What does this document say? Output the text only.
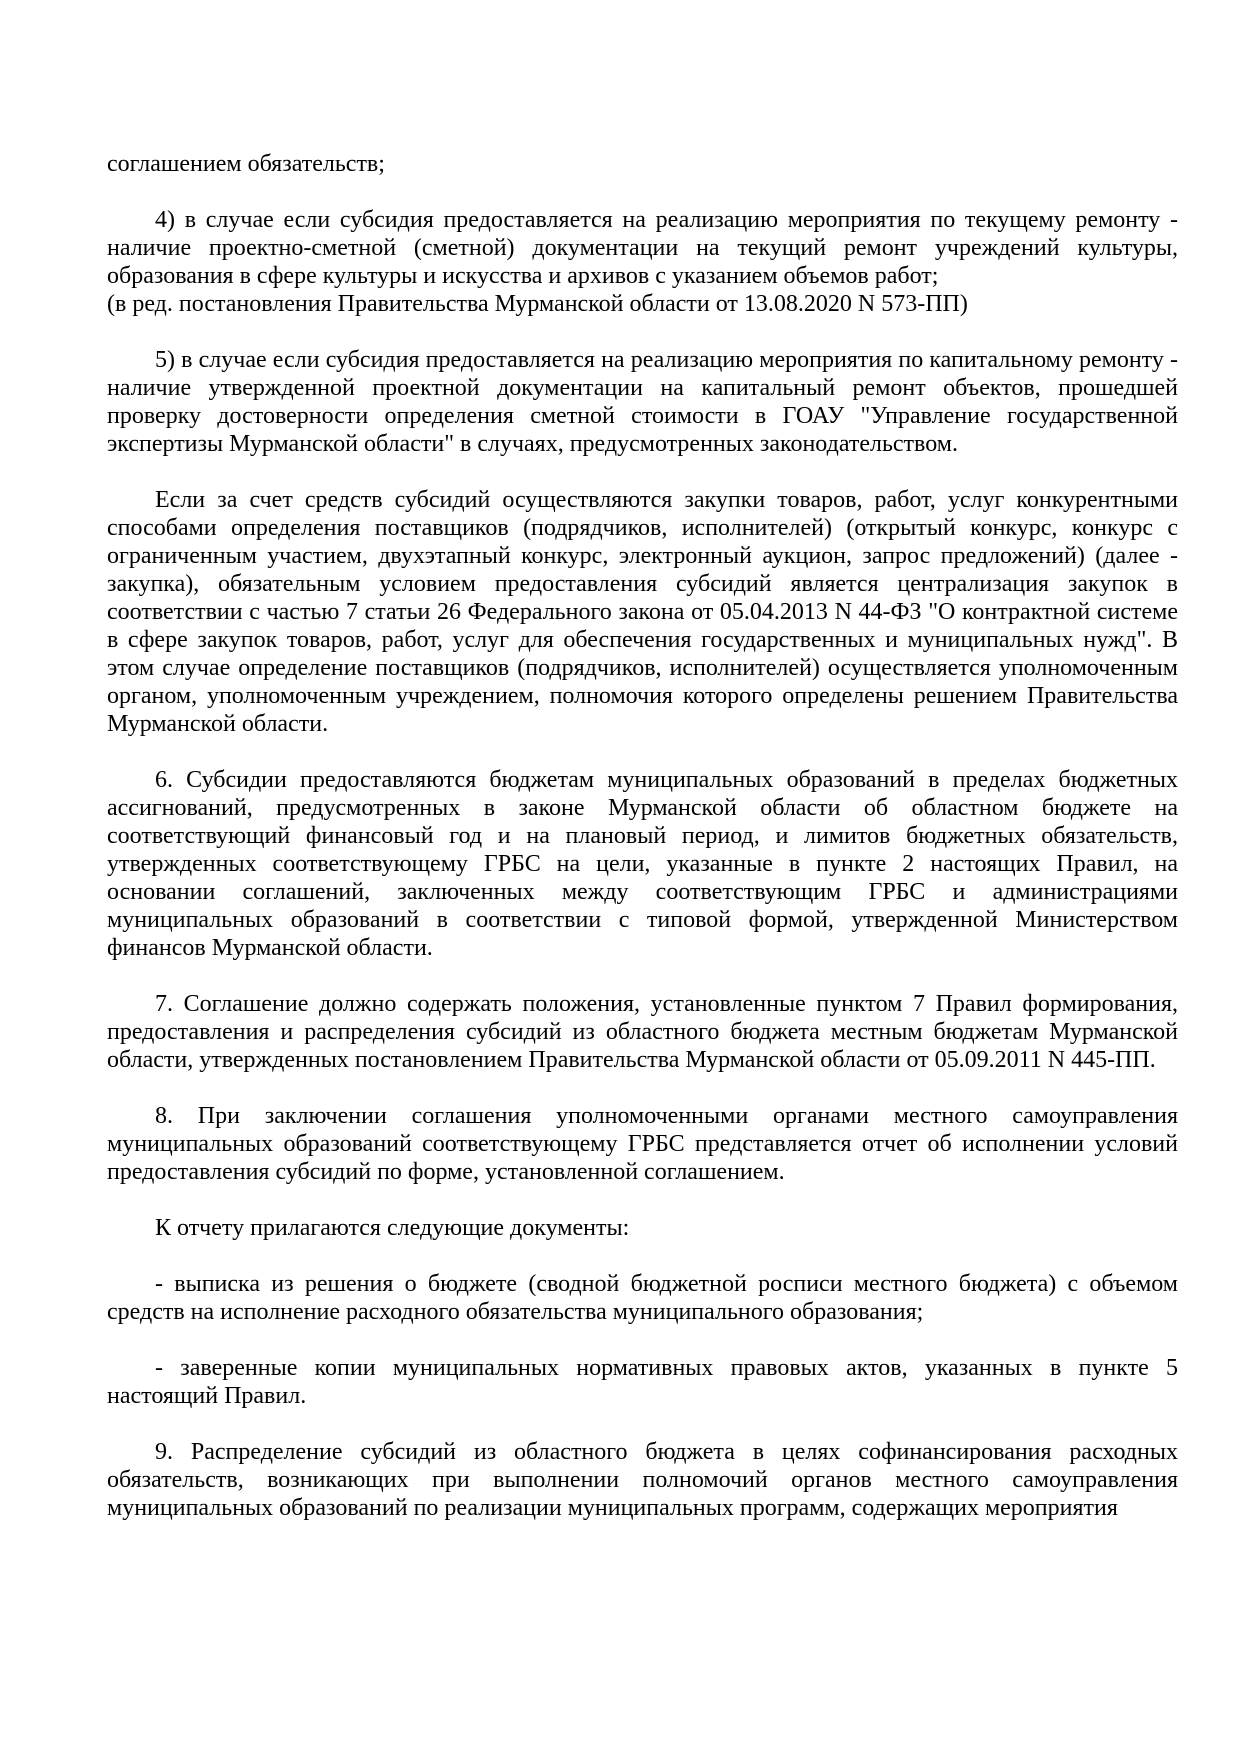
соглашением обязательств;

4) в случае если субсидия предоставляется на реализацию мероприятия по текущему ремонту - наличие проектно-сметной (сметной) документации на текущий ремонт учреждений культуры, образования в сфере культуры и искусства и архивов с указанием объемов работ;

(в ред. постановления Правительства Мурманской области от 13.08.2020 N 573-ПП)

5) в случае если субсидия предоставляется на реализацию мероприятия по капитальному ремонту - наличие утвержденной проектной документации на капитальный ремонт объектов, прошедшей проверку достоверности определения сметной стоимости в ГОАУ "Управление государственной экспертизы Мурманской области" в случаях, предусмотренных законодательством.

Если за счет средств субсидий осуществляются закупки товаров, работ, услуг конкурентными способами определения поставщиков (подрядчиков, исполнителей) (открытый конкурс, конкурс с ограниченным участием, двухэтапный конкурс, электронный аукцион, запрос предложений) (далее - закупка), обязательным условием предоставления субсидий является централизация закупок в соответствии с частью 7 статьи 26 Федерального закона от 05.04.2013 N 44-ФЗ "О контрактной системе в сфере закупок товаров, работ, услуг для обеспечения государственных и муниципальных нужд". В этом случае определение поставщиков (подрядчиков, исполнителей) осуществляется уполномоченным органом, уполномоченным учреждением, полномочия которого определены решением Правительства Мурманской области.

6. Субсидии предоставляются бюджетам муниципальных образований в пределах бюджетных ассигнований, предусмотренных в законе Мурманской области об областном бюджете на соответствующий финансовый год и на плановый период, и лимитов бюджетных обязательств, утвержденных соответствующему ГРБС на цели, указанные в пункте 2 настоящих Правил, на основании соглашений, заключенных между соответствующим ГРБС и администрациями муниципальных образований в соответствии с типовой формой, утвержденной Министерством финансов Мурманской области.

7. Соглашение должно содержать положения, установленные пунктом 7 Правил формирования, предоставления и распределения субсидий из областного бюджета местным бюджетам Мурманской области, утвержденных постановлением Правительства Мурманской области от 05.09.2011 N 445-ПП.

8. При заключении соглашения уполномоченными органами местного самоуправления муниципальных образований соответствующему ГРБС представляется отчет об исполнении условий предоставления субсидий по форме, установленной соглашением.

К отчету прилагаются следующие документы:

- выписка из решения о бюджете (сводной бюджетной росписи местного бюджета) с объемом средств на исполнение расходного обязательства муниципального образования;

- заверенные копии муниципальных нормативных правовых актов, указанных в пункте 5 настоящий Правил.

9. Распределение субсидий из областного бюджета в целях софинансирования расходных обязательств, возникающих при выполнении полномочий органов местного самоуправления муниципальных образований по реализации муниципальных программ, содержащих мероприятия
